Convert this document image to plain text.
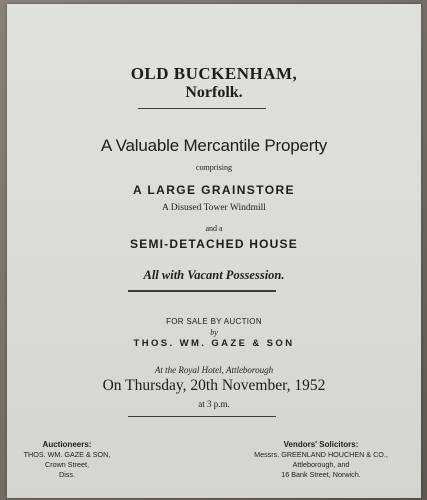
OLD BUCKENHAM,
Norfolk.
A Valuable Mercantile Property
comprising
A LARGE GRAINSTORE
A Disused Tower Windmill
and a
SEMI-DETACHED HOUSE
All with Vacant Possession.
FOR SALE BY AUCTION
by
THOS. WM. GAZE & SON
At the Royal Hotel, Attleborough
On Thursday, 20th November, 1952
at 3 p.m.
Auctioneers:
THOS. WM. GAZE & SON,
Crown Street,
Diss.
Vendors' Solicitors:
Messrs. GREENLAND HOUCHEN & CO.,
Attleborough, and
16 Bank Street, Norwich.
